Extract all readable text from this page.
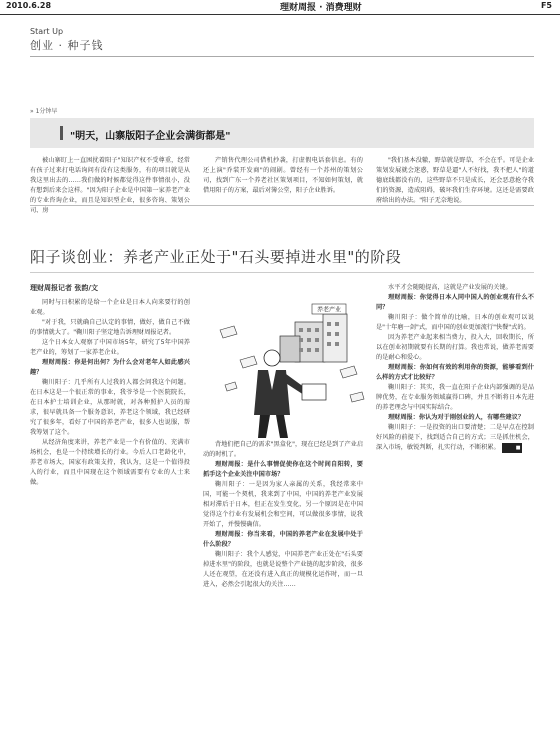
2010.6.28	理财周报 · 消费理财	F5
Start Up
创业 · 种子钱
» 1分钟早
"明天，山寨版阳子企业会满街都是"

被山寨盯上一直困扰着阳子"知识产权不受尊重，经常有孩子过来打电话询问有没有这类服务，有的项目就是从我这里出去的……我们做的时候都觉得这件事情很小，没有想到后来会这样。"因为阳子企业是中国第一家养老产业的专业咨询企业，而且是知识型企业，很多咨询、策划公司、房

产销售代理公司借机抄袭，打虚假电话套信息。有的还上演"乔装开发商"的闹剧。曾经有一个苏州的策划公司，找到广东一个养老社区策划项目，不知如何策划，就借用阳子的方案，最后对簿公堂，阳子企业胜诉。

"我们基本没辙，野草就是野草，不会在乎。可是企业策划发展就会迷惑，野草是逼"人不好找，我不把人"的道德底线都没有的，这些野草不只是成长，还会恶意抢夺我们的资源，造成阻碍，破坏我们生存环境。这还是需要政府给出的办法。"阳子无奈地说。

阳子谈创业：养老产业正处于"石头要掉进水里"的阶段
理财周报记者 张韵/文

同时与日积累的是给一个企业是日本人向来要行的创业观。

"对于我，只就确自己认定的事情，做好，做自己不做的事情就大了。"鞠川阳子坚定地告诉理财周报记者。

这个日本女人观察了中国市场5年，研究了5年中国养老产业的，筹划了一家养老企业。

理财周报：你是何出何？为什么会对老年人如此感兴趣？

鞠川阳子：几乎所有人过我的人都会问我这个问题。在日本这是一个很正常的事业，我爷爷是一个医院院长，在日本护士培训企业，从那时就，对各种照护人员的需求，很早就具备一个服务意识，养老这个领域，我已经研究了很多年，看好了中国的养老产业，很多人也说服，帮我筹划了这个。

从经济角度来讲，养老产业是一个有价值的、充满市场机会，也是一个持续增长的行业。今后人口老龄化中，养老市场大，国家有政策支持，我认为，这是一个值得投入的行业，而且中国现在这个领域需要有专业的人士来做。

养老产业

背地们把自己的需求"黑盒化"，现在已经是到了产业启动的时机了。

理财周报：是什么事情促使你在这个时间自阳转，要抓手这个企业关注中国市场？

鞠川阳子：一是因为家人亲属的关系，我经常来中国，可能一个契机，我来到了中国，中国的养老产业发展相对滞后于日本，但正在发生变化，另一个原因是在中国觉得这个行业有发展机会和空间，可以做很多事情，说我开始了，并慢慢确信。

理财周报：你当来看，中国的养老产业在发展中处于什么阶段？

鞠川阳子：我个人感觉，中国养老产业正处在"石头要掉进水里"的阶段，也就是说整个产业链的起步阶段，很多人还在观望，在还没有进入真正的规模化运作时，而一旦进入，必然会引起很大的关注……

水平才会随随提高，这就是产业发展的关键。

理财周报：你觉得日本人同中国人的创业观有什么不同？

鞠川阳子：做个简单的比喻，日本的创业观可以说是"十年磨一剑"式，而中国的创业更加流行"快餐"式的。

因为养老产业起来相当费力，投入大，回收期长，所以在创业初期就要有长期的打算。我也常说，做养老需要的是耐心和爱心。

理财周报：你如何有效的利用你的资源，能够看到什么样的方式才比较好？

鞠川阳子：其实，我一直在阳子企业内部强调的是品牌优势，在专业服务领域赢得口碑，并且不断将日本先进的养老理念与中国实际结合。

理财周报：你认为对于刚创业的人，有哪些建议？

鞠川阳子：一是投资的出口要清楚；二是早点在控制好风险的前提下，找到适合自己的方式；三是抓住机会，深入市场，敏锐判断，扎实行动，不断积累。	■
